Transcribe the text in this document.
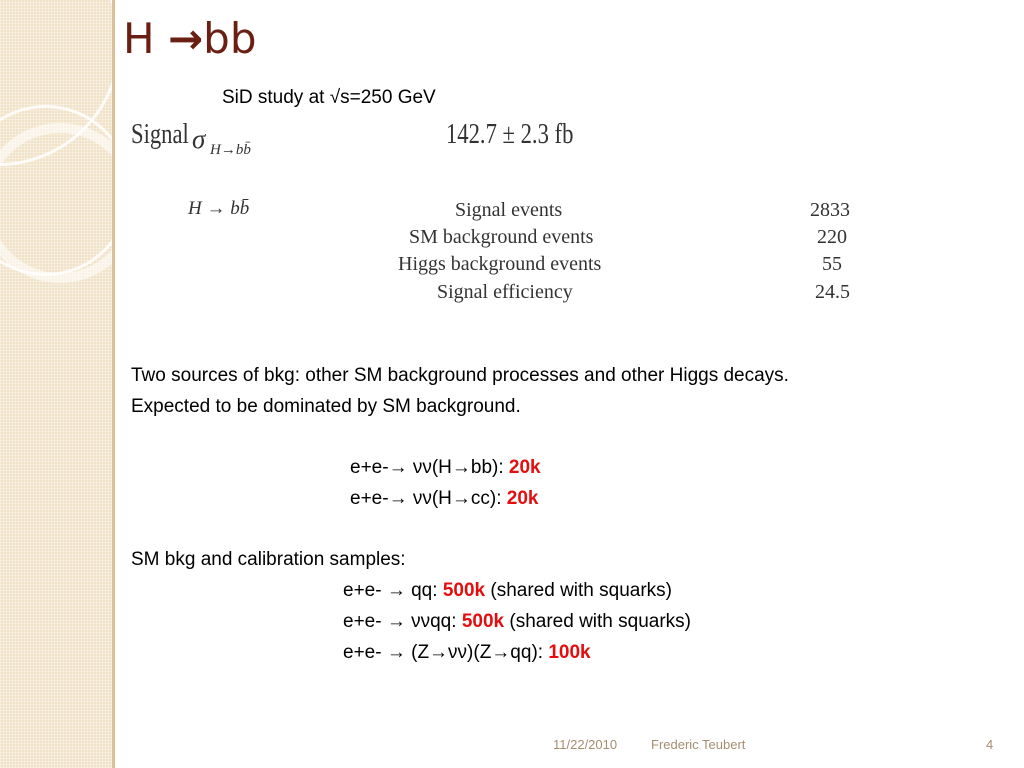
H →bb
SiD study at √s=250 GeV
Signal σ H→bb̄	142.7 ± 2.3 fb
H → bb̄	Signal events	2833
SM background events	220
Higgs background events	55
Signal efficiency	24.5
Two sources of bkg: other SM background processes and other Higgs decays.
Expected to be dominated by SM background.
e+e-→ νν(H→bb): 20k
e+e-→ νν(H→cc): 20k
SM bkg and calibration samples:
e+e- → qq: 500k (shared with squarks)
e+e- → ννqq: 500k (shared with squarks)
e+e- → (Z→νν)(Z→qq): 100k
11/22/2010	Frederic Teubert	4
